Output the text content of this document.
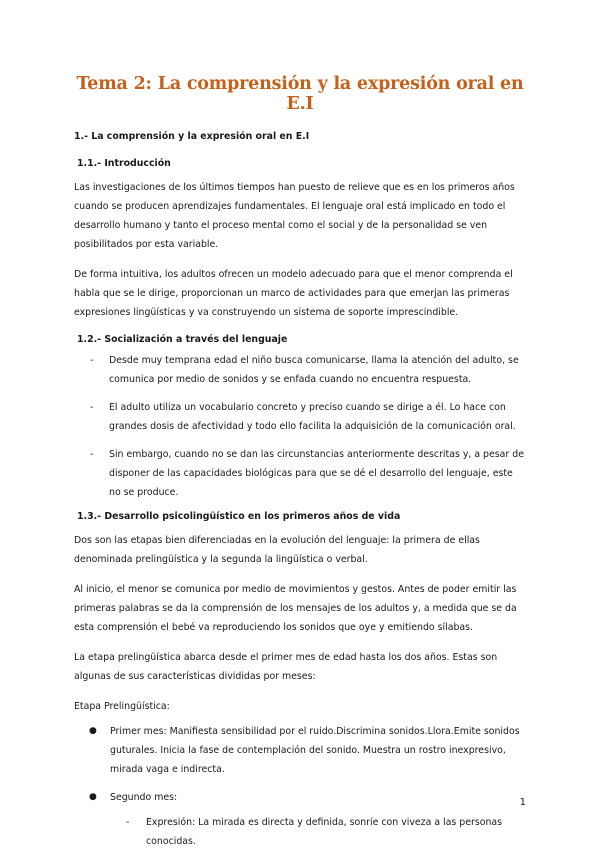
Tema 2: La comprensión y la expresión oral en E.I
1.- La comprensión y la expresión oral en E.I
1.1.- Introducción

Las investigaciones de los últimos tiempos han puesto de relieve que es en los primeros años cuando se producen aprendizajes fundamentales. El lenguaje oral está implicado en todo el desarrollo humano y tanto el proceso mental como el social y de la personalidad se ven posibilitados por esta variable.

De forma intuitiva, los adultos ofrecen un modelo adecuado para que el menor comprenda el habla que se le dirige, proporcionan un marco de actividades para que emerjan las primeras expresiones lingüísticas y va construyendo un sistema de soporte imprescindible.

1.2.- Socialización a través del lenguaje
- Desde muy temprana edad el niño busca comunicarse, llama la atención del adulto, se comunica por medio de sonidos y se enfada cuando no encuentra respuesta.
- El adulto utiliza un vocabulario concreto y preciso cuando se dirige a él. Lo hace con grandes dosis de afectividad y todo ello facilita la adquisición de la comunicación oral.
- Sin embargo, cuando no se dan las circunstancias anteriormente descritas y, a pesar de disponer de las capacidades biológicas para que se dé el desarrollo del lenguaje, este no se produce.
1.3.- Desarrollo psicolingüístico en los primeros años de vida

Dos son las etapas bien diferenciadas en la evolución del lenguaje: la primera de ellas denominada prelingüística y la segunda la lingüística o verbal.

Al inicio, el menor se comunica por medio de movimientos y gestos. Antes de poder emitir las primeras palabras se da la comprensión de los mensajes de los adultos y, a medida que se da esta comprensión el bebé va reproduciendo los sonidos que oye y emitiendo sílabas.

La etapa prelingüística abarca desde el primer mes de edad hasta los dos años. Estas son algunas de sus características divididas por meses:

Etapa Prelingüística:
● Primer mes: Manifiesta sensibilidad por el ruido.Discrimina sonidos.Llora.Emite sonidos guturales. Inicia la fase de contemplación del sonido. Muestra un rostro inexpresivo, mirada vaga e indirecta.
● Segundo mes:
- Expresión: La mirada es directa y definida, sonríe con viveza a las personas conocidas.
1
